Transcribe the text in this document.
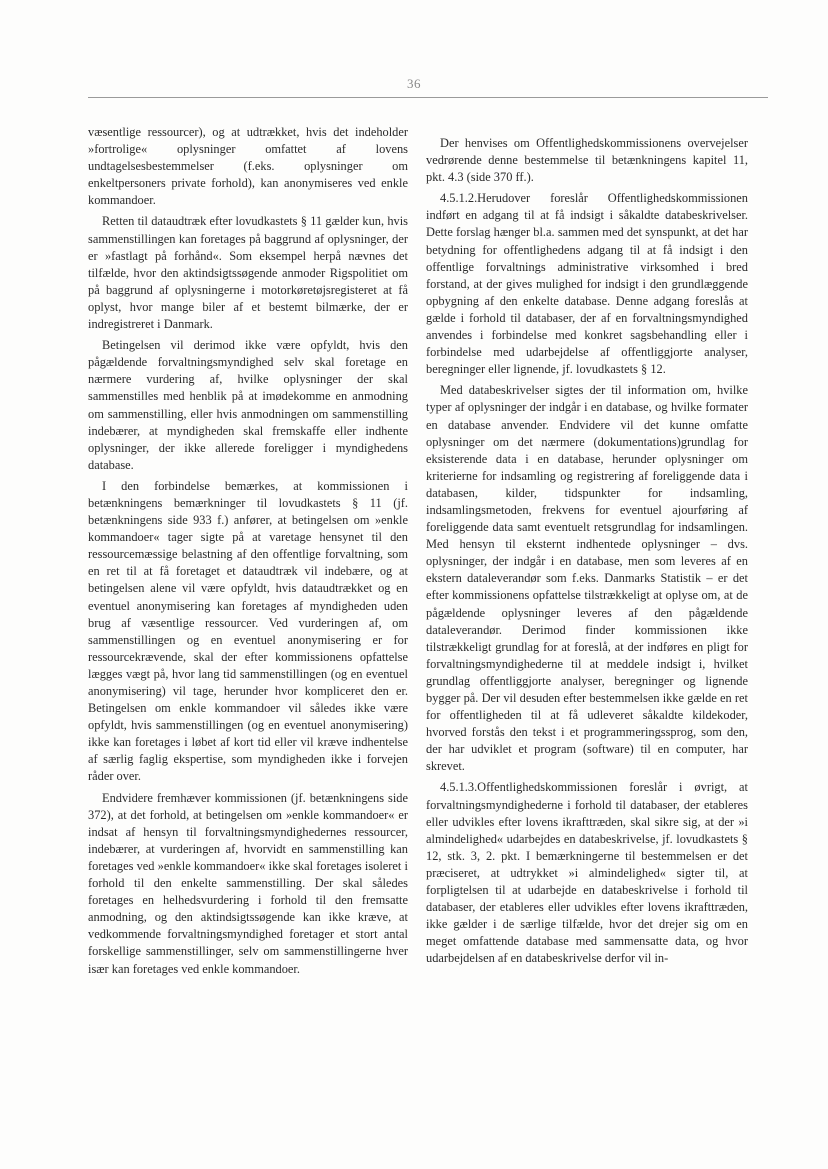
36

væsentlige ressourcer), og at udtrækket, hvis det indeholder »fortrolige« oplysninger omfattet af lovens undtagelsesbestemmelser (f.eks. oplysninger om enkeltpersoners private forhold), kan anonymiseres ved enkle kommandoer.

Retten til dataudtræk efter lovudkastets § 11 gælder kun, hvis sammenstillingen kan foretages på baggrund af oplysninger, der er »fastlagt på forhånd«. Som eksempel herpå nævnes det tilfælde, hvor den aktindsigtssøgende anmoder Rigspolitiet om på baggrund af oplysningerne i motorkøretøjsregisteret at få oplyst, hvor mange biler af et bestemt bilmærke, der er indregistreret i Danmark.

Betingelsen vil derimod ikke være opfyldt, hvis den pågældende forvaltningsmyndighed selv skal foretage en nærmere vurdering af, hvilke oplysninger der skal sammenstilles med henblik på at imødekomme en anmodning om sammenstilling, eller hvis anmodningen om sammenstilling indebærer, at myndigheden skal fremskaffe eller indhente oplysninger, der ikke allerede foreligger i myndighedens database.

I den forbindelse bemærkes, at kommissionen i betænkningens bemærkninger til lovudkastets § 11 (jf. betænkningens side 933 f.) anfører, at betingelsen om »enkle kommandoer« tager sigte på at varetage hensynet til den ressourcemæssige belastning af den offentlige forvaltning, som en ret til at få foretaget et dataudtræk vil indebære, og at betingelsen alene vil være opfyldt, hvis dataudtrækket og en eventuel anonymisering kan foretages af myndigheden uden brug af væsentlige ressourcer. Ved vurderingen af, om sammenstillingen og en eventuel anonymisering er for ressourcekrævende, skal der efter kommissionens opfattelse lægges vægt på, hvor lang tid sammenstillingen (og en eventuel anonymisering) vil tage, herunder hvor kompliceret den er. Betingelsen om enkle kommandoer vil således ikke være opfyldt, hvis sammenstillingen (og en eventuel anonymisering) ikke kan foretages i løbet af kort tid eller vil kræve indhentelse af særlig faglig ekspertise, som myndigheden ikke i forvejen råder over.

Endvidere fremhæver kommissionen (jf. betænkningens side 372), at det forhold, at betingelsen om »enkle kommandoer« er indsat af hensyn til forvaltningsmyndighedernes ressourcer, indebærer, at vurderingen af, hvorvidt en sammenstilling kan foretages ved »enkle kommandoer« ikke skal foretages isoleret i forhold til den enkelte sammenstilling. Der skal således foretages en helhedsvurdering i forhold til den fremsatte anmodning, og den aktindsigtssøgende kan ikke kræve, at vedkommende forvaltningsmyndighed foretager et stort antal forskellige sammenstillinger, selv om sammenstillingerne hver især kan foretages ved enkle kommandoer.

Der henvises om Offentlighedskommissionens overvejelser vedrørende denne bestemmelse til betænkningens kapitel 11, pkt. 4.3 (side 370 ff.).

4.5.1.2.Herudover foreslår Offentlighedskommissionen indført en adgang til at få indsigt i såkaldte databeskrivelser. Dette forslag hænger bl.a. sammen med det synspunkt, at det har betydning for offentlighedens adgang til at få indsigt i den offentlige forvaltnings administrative virksomhed i bred forstand, at der gives mulighed for indsigt i den grundlæggende opbygning af den enkelte database. Denne adgang foreslås at gælde i forhold til databaser, der af en forvaltningsmyndighed anvendes i forbindelse med konkret sagsbehandling eller i forbindelse med udarbejdelse af offentliggjorte analyser, beregninger eller lignende, jf. lovudkastets § 12.

Med databeskrivelser sigtes der til information om, hvilke typer af oplysninger der indgår i en database, og hvilke formater en database anvender. Endvidere vil det kunne omfatte oplysninger om det nærmere (dokumentations)grundlag for eksisterende data i en database, herunder oplysninger om kriterierne for indsamling og registrering af foreliggende data i databasen, kilder, tidspunkter for indsamling, indsamlingsmetoden, frekvens for eventuel ajourføring af foreliggende data samt eventuelt retsgrundlag for indsamlingen. Med hensyn til eksternt indhentede oplysninger – dvs. oplysninger, der indgår i en database, men som leveres af en ekstern dataleverandør som f.eks. Danmarks Statistik – er det efter kommissionens opfattelse tilstrækkeligt at oplyse om, at de pågældende oplysninger leveres af den pågældende dataleverandør. Derimod finder kommissionen ikke tilstrækkeligt grundlag for at foreslå, at der indføres en pligt for forvaltningsmyndighederne til at meddele indsigt i, hvilket grundlag offentliggjorte analyser, beregninger og lignende bygger på. Der vil desuden efter bestemmelsen ikke gælde en ret for offentligheden til at få udleveret såkaldte kildekoder, hvorved forstås den tekst i et programmeringssprog, som den, der har udviklet et program (software) til en computer, har skrevet.

4.5.1.3.Offentlighedskommissionen foreslår i øvrigt, at forvaltningsmyndighederne i forhold til databaser, der etableres eller udvikles efter lovens ikrafttræden, skal sikre sig, at der »i almindelighed« udarbejdes en databeskrivelse, jf. lovudkastets § 12, stk. 3, 2. pkt. I bemærkningerne til bestemmelsen er det præciseret, at udtrykket »i almindelighed« sigter til, at forpligtelsen til at udarbejde en databeskrivelse i forhold til databaser, der etableres eller udvikles efter lovens ikrafttræden, ikke gælder i de særlige tilfælde, hvor det drejer sig om en meget omfattende database med sammensatte data, og hvor udarbejdelsen af en databeskrivelse derfor vil in-
